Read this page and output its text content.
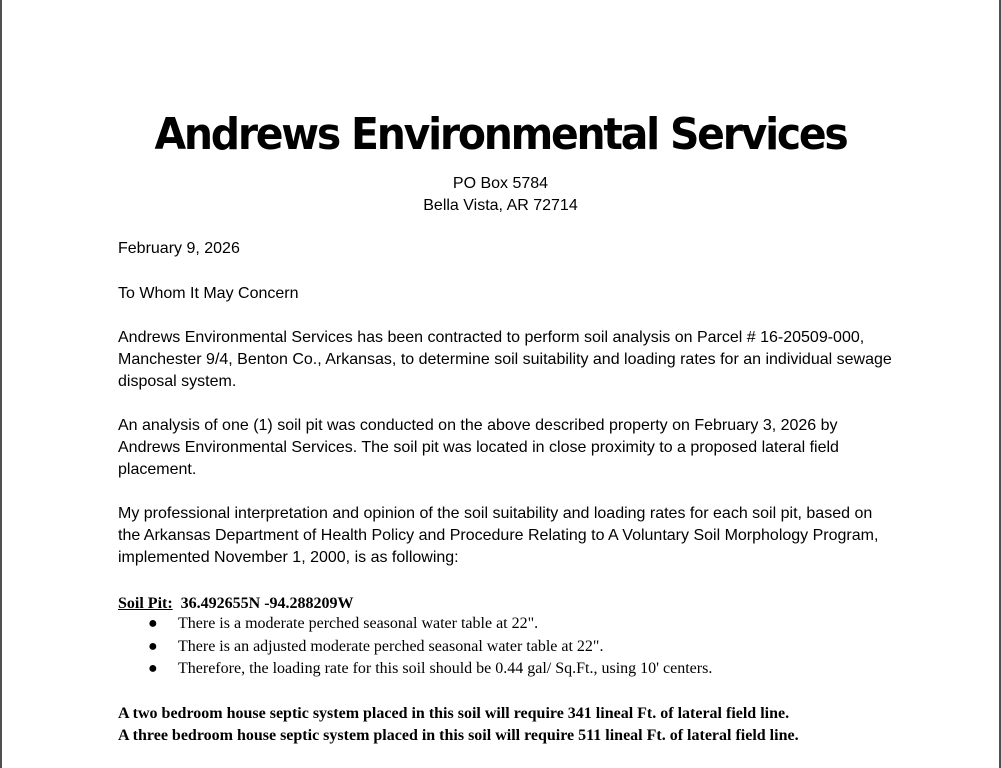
Andrews Environmental Services
PO Box 5784
Bella Vista, AR 72714
February 9, 2026
To Whom It May Concern
Andrews Environmental Services has been contracted to perform soil analysis on Parcel # 16-20509-000, Manchester 9/4, Benton Co., Arkansas, to determine soil suitability and loading rates for an individual sewage disposal system.
An analysis of one (1) soil pit was conducted on the above described property on February 3, 2026 by Andrews Environmental Services. The soil pit was located in close proximity to a proposed lateral field placement.
My professional interpretation and opinion of the soil suitability and loading rates for each soil pit, based on the Arkansas Department of Health Policy and Procedure Relating to A Voluntary Soil Morphology Program, implemented November 1, 2000, is as following:
Soil Pit: 36.492655N -94.288209W
● There is a moderate perched seasonal water table at 22".
● There is an adjusted moderate perched seasonal water table at 22".
● Therefore, the loading rate for this soil should be 0.44 gal/ Sq.Ft., using 10' centers.
A two bedroom house septic system placed in this soil will require 341 lineal Ft. of lateral field line.
A three bedroom house septic system placed in this soil will require 511 lineal Ft. of lateral field line.
